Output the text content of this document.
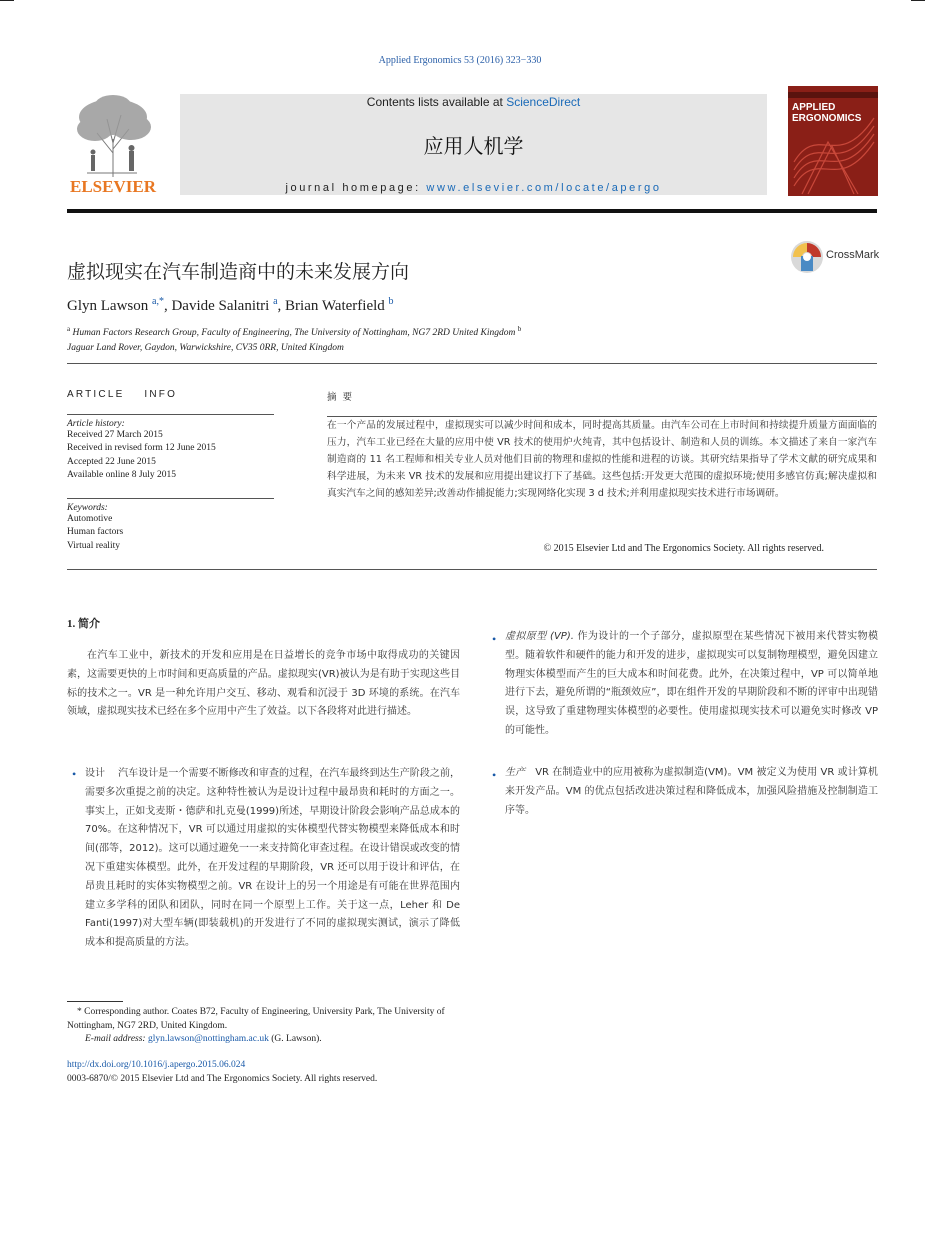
Applied Ergonomics 53 (2016) 323−330
ELSEVIER
Contents lists available at ScienceDirect
应用人机学
journal homepage: www.elsevier.com/locate/apergo
APPLIED ERGONOMICS
虚拟现实在汽车制造商中的未来发展方向
CrossMark
Glyn Lawson $^{a,*}$, Davide Salanitri $^a$, Brian Waterfield $^b$
$^a$ Human Factors Research Group, Faculty of Engineering, The University of Nottingham, NG7 2RD United Kingdom $^b$
Jaguar Land Rover, Gaydon, Warwickshire, CV35 0RR, United Kingdom
ARTICLE    INFO	摘要
Article history:
Received 27 March 2015
Received in revised form 12 June 2015
Accepted 22 June 2015
Available online 8 July 2015
Keywords:
Automotive
Human factors
Virtual reality
在一个产品的发展过程中，虚拟现实可以减少时间和成本，同时提高其质量。由汽车公司在上市时间和持续提升质量方面面临的压力，汽车工业已经在大量的应用中使 VR 技术的使用炉火纯青，其中包括设计、制造和人员的训练。本文描述了来自一家汽车制造商的 11 名工程师和相关专业人员对他们目前的物理和虚拟的性能和进程的访谈。其研究结果指导了学术文献的研究成果和科学进展，为未来 VR 技术的发展和应用提出建议打下了基础。这些包括:开发更大范围的虚拟环境;使用多感官仿真;解决虚拟和真实汽车之间的感知差异;改善动作捕捉能力;实现网络化实现 3 d 技术;并利用虚拟现实技术进行市场调研。
© 2015 Elsevier Ltd and The Ergonomics Society. All rights reserved.
1. 简介
在汽车工业中，新技术的开发和应用是在日益增长的竞争市场中取得成功的关键因素，这需要更快的上市时间和更高质量的产品。虚拟现实(VR)被认为是有助于实现这些目标的技术之一。VR 是一种允许用户交互、移动、观看和沉浸于 3D 环境的系统。在汽车领域，虚拟现实技术已经在多个应用中产生了效益。以下各段将对此进行描述。
• 设计 汽车设计是一个需要不断修改和审查的过程，在汽车最终到达生产阶段之前，需要多次重提之前的决定。这种特性被认为是设计过程中最昂贵和耗时的方面之一。事实上，正如戈麦斯・德萨和扎克曼(1999)所述，早期设计阶段会影响产品总成本的 70%。在这种情况下，VR 可以通过用虚拟的实体模型代替实物模型来降低成本和时间(邵等，2012)。这可以通过避免一一来支持简化审查过程。在设计错误或改变的情况下重建实体模型。此外，在开发过程的早期阶段，VR 还可以用于设计和评估，在昂贵且耗时的实体实物模型之前。VR 在设计上的另一个用途是有可能在世界范围内建立多学科的团队和团队，同时在同一个原型上工作。关于这一点，Leher 和 De Fanti(1997)对大型车辆(即装载机)的开发进行了不同的虚拟现实测试，演示了降低成本和提高质量的方法。
• 虚拟原型 (VP). 作为设计的一个子部分，虚拟原型在某些情况下被用来代替实物模型。随着软件和硬件的能力和开发的进步，虚拟现实可以复制物理模型，避免因建立物理实体模型而产生的巨大成本和时间花费。此外，在决策过程中，VP 可以简单地进行下去，避免所谓的“瓶颈效应”，即在组件开发的早期阶段和不断的评审中出现错误，这导致了重建物理实体模型的必要性。使用虚拟现实技术可以避免实时修改 VP 的可能性。
• 生产 VR 在制造业中的应用被称为虚拟制造(VM)。VM 被定义为使用 VR 或计算机来开发产品。VM 的优点包括改进决策过程和降低成本，加强风险措施及控制制造工序等。
* Corresponding author. Coates B72, Faculty of Engineering, University Park, The University of Nottingham, NG7 2RD, United Kingdom.
E-mail address: glyn.lawson@nottingham.ac.uk (G. Lawson).
http://dx.doi.org/10.1016/j.apergo.2015.06.024
0003-6870/© 2015 Elsevier Ltd and The Ergonomics Society. All rights reserved.
